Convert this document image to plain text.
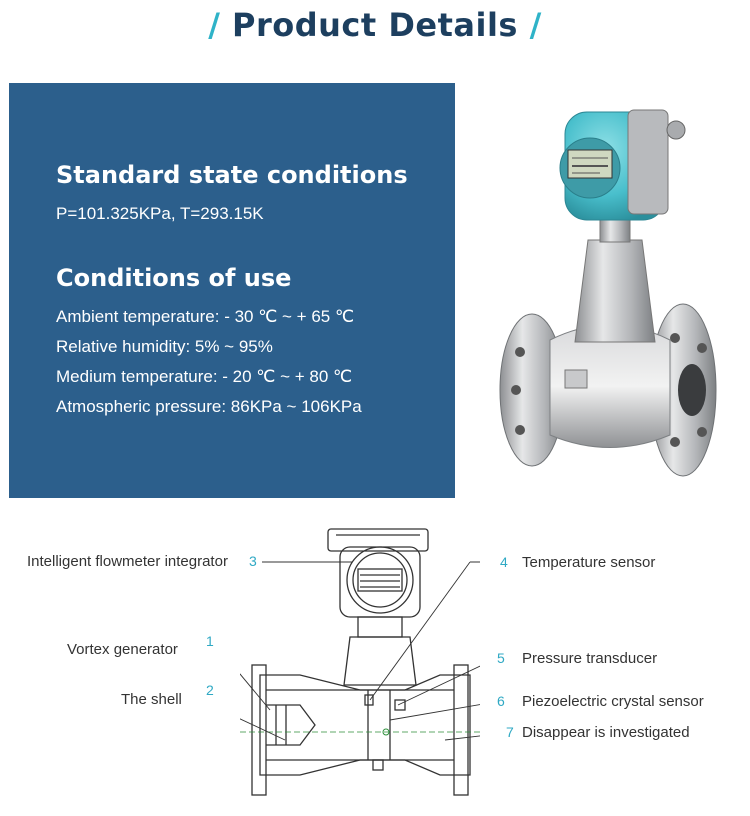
/ Product Details /
Standard state conditions
P=101.325KPa, T=293.15K
Conditions of use
Ambient temperature: - 30 ℃ ~ + 65 ℃
Relative humidity: 5% ~ 95%
Medium temperature: - 20 ℃ ~ + 80 ℃
Atmospheric pressure: 86KPa ~ 106KPa
Intelligent flowmeter integrator 3	4 Temperature sensor
Vortex generator 1
5 Pressure transducer
The shell
2
6 Piezoelectric crystal sensor
7 Disappear is investigated
